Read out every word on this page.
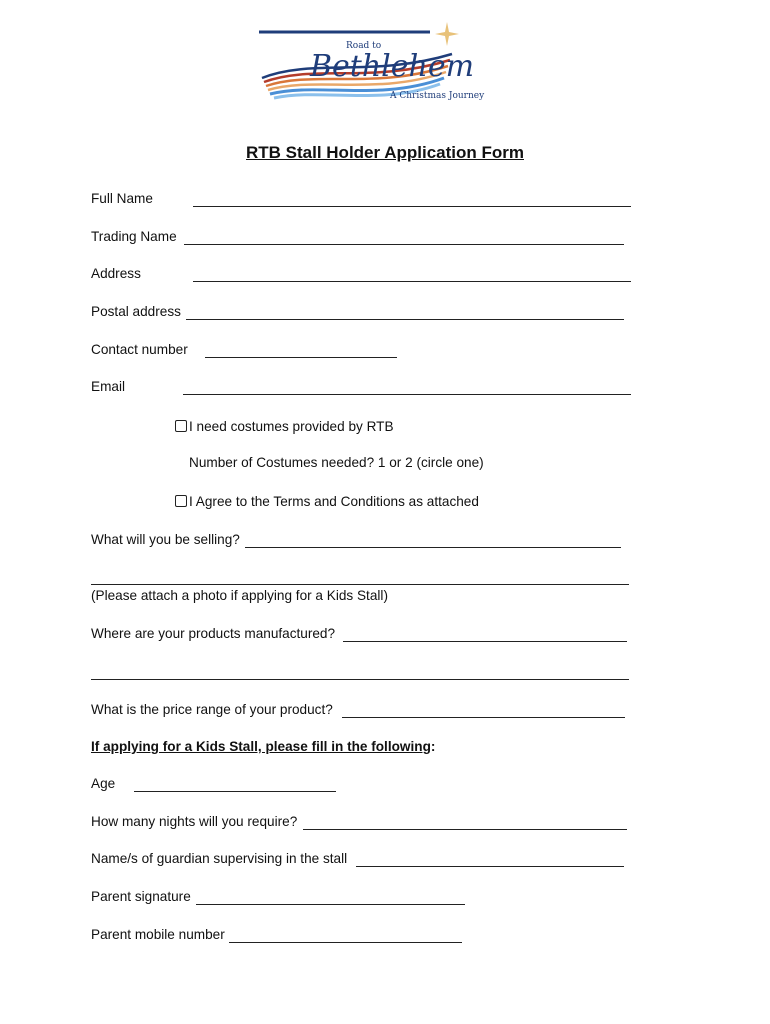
Road to
Bethlehem
A Christmas Journey
RTB Stall Holder Application Form
Full Name
Trading Name
Address
Postal address
Contact number
Email
I need costumes provided by RTB
Number of Costumes needed? 1 or 2 (circle one)
I Agree to the Terms and Conditions as attached
What will you be selling?
(Please attach a photo if applying for a Kids Stall)
Where are your products manufactured?
What is the price range of your product?
If applying for a Kids Stall, please fill in the following:
Age
How many nights will you require?
Name/s of guardian supervising in the stall
Parent signature
Parent mobile number
